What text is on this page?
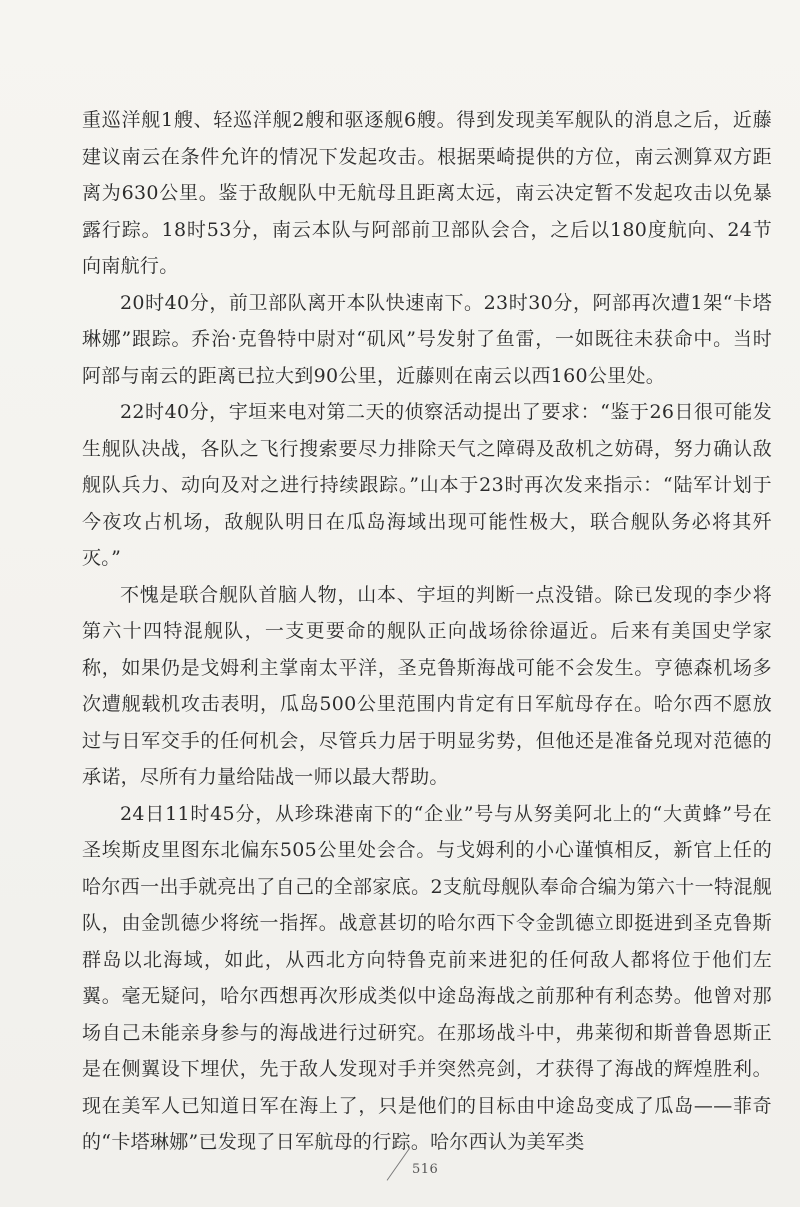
重巡洋舰1艘、轻巡洋舰2艘和驱逐舰6艘。得到发现美军舰队的消息之后，近藤建议南云在条件允许的情况下发起攻击。根据栗崎提供的方位，南云测算双方距离为630公里。鉴于敌舰队中无航母且距离太远，南云决定暂不发起攻击以免暴露行踪。18时53分，南云本队与阿部前卫部队会合，之后以180度航向、24节向南航行。

20时40分，前卫部队离开本队快速南下。23时30分，阿部再次遭1架“卡塔琳娜”跟踪。乔治·克鲁特中尉对“矶风”号发射了鱼雷，一如既往未获命中。当时阿部与南云的距离已拉大到90公里，近藤则在南云以西160公里处。

22时40分，宇垣来电对第二天的侦察活动提出了要求：“鉴于26日很可能发生舰队决战，各队之飞行搜索要尽力排除天气之障碍及敌机之妨碍，努力确认敌舰队兵力、动向及对之进行持续跟踪。”山本于23时再次发来指示：“陆军计划于今夜攻占机场，敌舰队明日在瓜岛海域出现可能性极大，联合舰队务必将其歼灭。”

不愧是联合舰队首脑人物，山本、宇垣的判断一点没错。除已发现的李少将第六十四特混舰队，一支更要命的舰队正向战场徐徐逼近。后来有美国史学家称，如果仍是戈姆利主掌南太平洋，圣克鲁斯海战可能不会发生。亨德森机场多次遭舰载机攻击表明，瓜岛500公里范围内肯定有日军航母存在。哈尔西不愿放过与日军交手的任何机会，尽管兵力居于明显劣势，但他还是准备兑现对范德的承诺，尽所有力量给陆战一师以最大帮助。

24日11时45分，从珍珠港南下的“企业”号与从努美阿北上的“大黄蜂”号在圣埃斯皮里图东北偏东505公里处会合。与戈姆利的小心谨慎相反，新官上任的哈尔西一出手就亮出了自己的全部家底。2支航母舰队奉命合编为第六十一特混舰队，由金凯德少将统一指挥。战意甚切的哈尔西下令金凯德立即挺进到圣克鲁斯群岛以北海域，如此，从西北方向特鲁克前来进犯的任何敌人都将位于他们左翼。毫无疑问，哈尔西想再次形成类似中途岛海战之前那种有利态势。他曾对那场自己未能亲身参与的海战进行过研究。在那场战斗中，弗莱彻和斯普鲁恩斯正是在侧翼设下埋伏，先于敌人发现对手并突然亮剑，才获得了海战的辉煌胜利。现在美军人已知道日军在海上了，只是他们的目标由中途岛变成了瓜岛——菲奇的“卡塔琳娜”已发现了日军航母的行踪。哈尔西认为美军类

516
